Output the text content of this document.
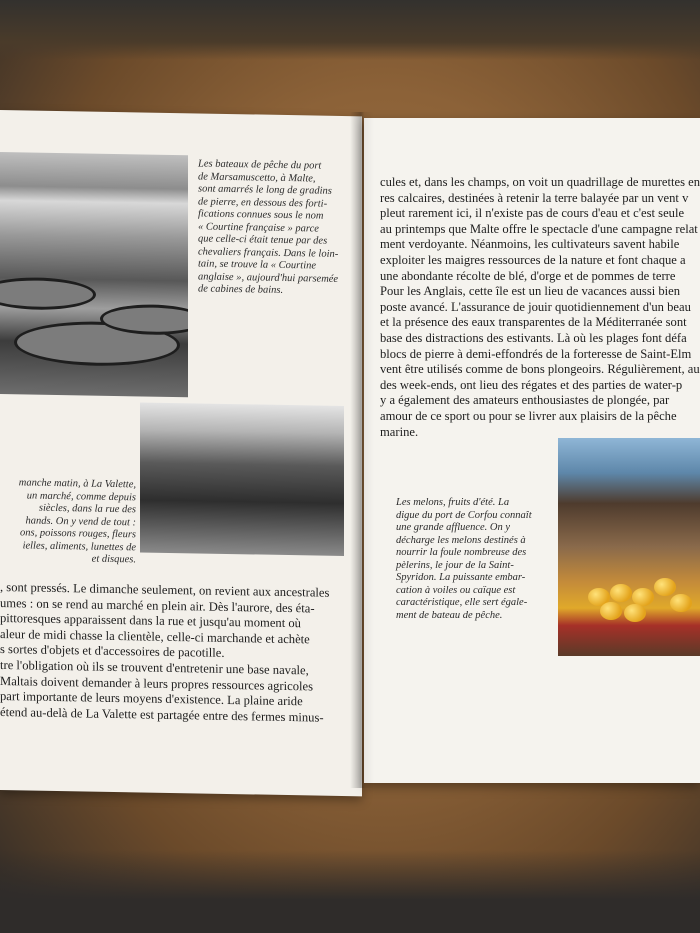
Les bateaux de pêche du port
de Marsamuscetto, à Malte,
sont amarrés le long de gradins
de pierre, en dessous des forti-
fications connues sous le nom
« Courtine française » parce
que celle-ci était tenue par des
chevaliers français. Dans le loin-
tain, se trouve la « Courtine
anglaise », aujourd'hui parsemée
de cabines de bains.
manche matin, à La Valette,
un marché, comme depuis
siècles, dans la rue des
hands. On y vend de tout :
ons, poissons rouges, fleurs
ielles, aliments, lunettes de
et disques.
, sont pressés. Le dimanche seulement, on revient aux ancestrales
umes : on se rend au marché en plein air. Dès l'aurore, des éta-
pittoresques apparaissent dans la rue et jusqu'au moment où
aleur de midi chasse la clientèle, celle-ci marchande et achète
s sortes d'objets et d'accessoires de pacotille.
tre l'obligation où ils se trouvent d'entretenir une base navale,
Maltais doivent demander à leurs propres ressources agricoles
part importante de leurs moyens d'existence. La plaine aride
étend au-delà de La Valette est partagée entre des fermes minus-
cules et, dans les champs, on voit un quadrillage de murettes en
res calcaires, destinées à retenir la terre balayée par un vent v
pleut rarement ici, il n'existe pas de cours d'eau et c'est seule
au printemps que Malte offre le spectacle d'une campagne relat
ment verdoyante. Néanmoins, les cultivateurs savent habile
exploiter les maigres ressources de la nature et font chaque a
une abondante récolte de blé, d'orge et de pommes de terre
Pour les Anglais, cette île est un lieu de vacances aussi bien
poste avancé. L'assurance de jouir quotidiennement d'un beau
et la présence des eaux transparentes de la Méditerranée sont
base des distractions des estivants. Là où les plages font défa
blocs de pierre à demi-effondrés de la forteresse de Saint-Elm
vent être utilisés comme de bons plongeoirs. Régulièrement, au
des week-ends, ont lieu des régates et des parties de water-p
y a également des amateurs enthousiastes de plongée, par
amour de ce sport ou pour se livrer aux plaisirs de la pêche
marine.
Les melons, fruits d'été. La
digue du port de Corfou connaît
une grande affluence. On y
décharge les melons destinés à
nourrir la foule nombreuse des
pèlerins, le jour de la Saint-
Spyridon. La puissante embar-
cation à voiles ou caïque est
caractéristique, elle sert égale-
ment de bateau de pêche.
